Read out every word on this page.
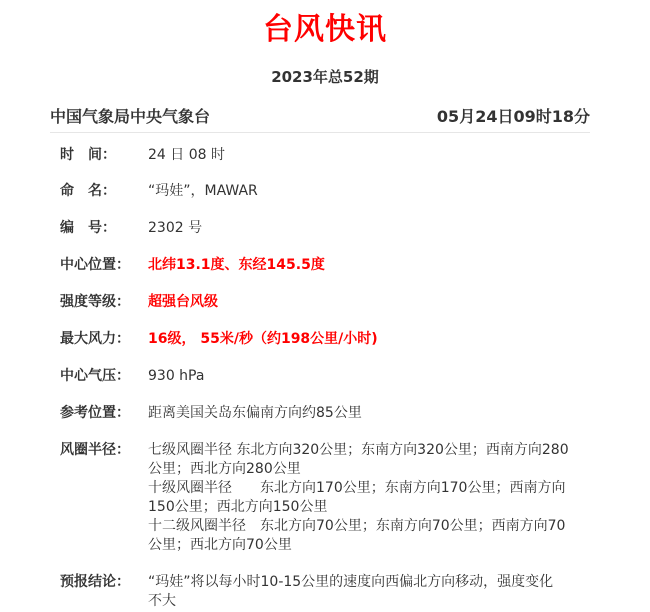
台风快讯
2023年总52期
中国气象局中央气象台	05月24日09时18分
时　间：	24 日 08 时
命　名：	“玛娃”，MAWAR
编　号：	2302 号
中心位置：	北纬13.1度、东经145.5度
强度等级：	超强台风级
最大风力：	16级， 55米/秒（约198公里/小时)
中心气压：	930 hPa
参考位置：	距离美国关岛东偏南方向约85公里
风圈半径：	七级风圈半径 东北方向320公里；东南方向320公里；西南方向280
公里；西北方向280公里
十级风圈半径　　东北方向170公里；东南方向170公里；西南方向
150公里；西北方向150公里
十二级风圈半径　东北方向70公里；东南方向70公里；西南方向70
公里；西北方向70公里
预报结论：	“玛娃”将以每小时10-15公里的速度向西偏北方向移动，强度变化
不大
